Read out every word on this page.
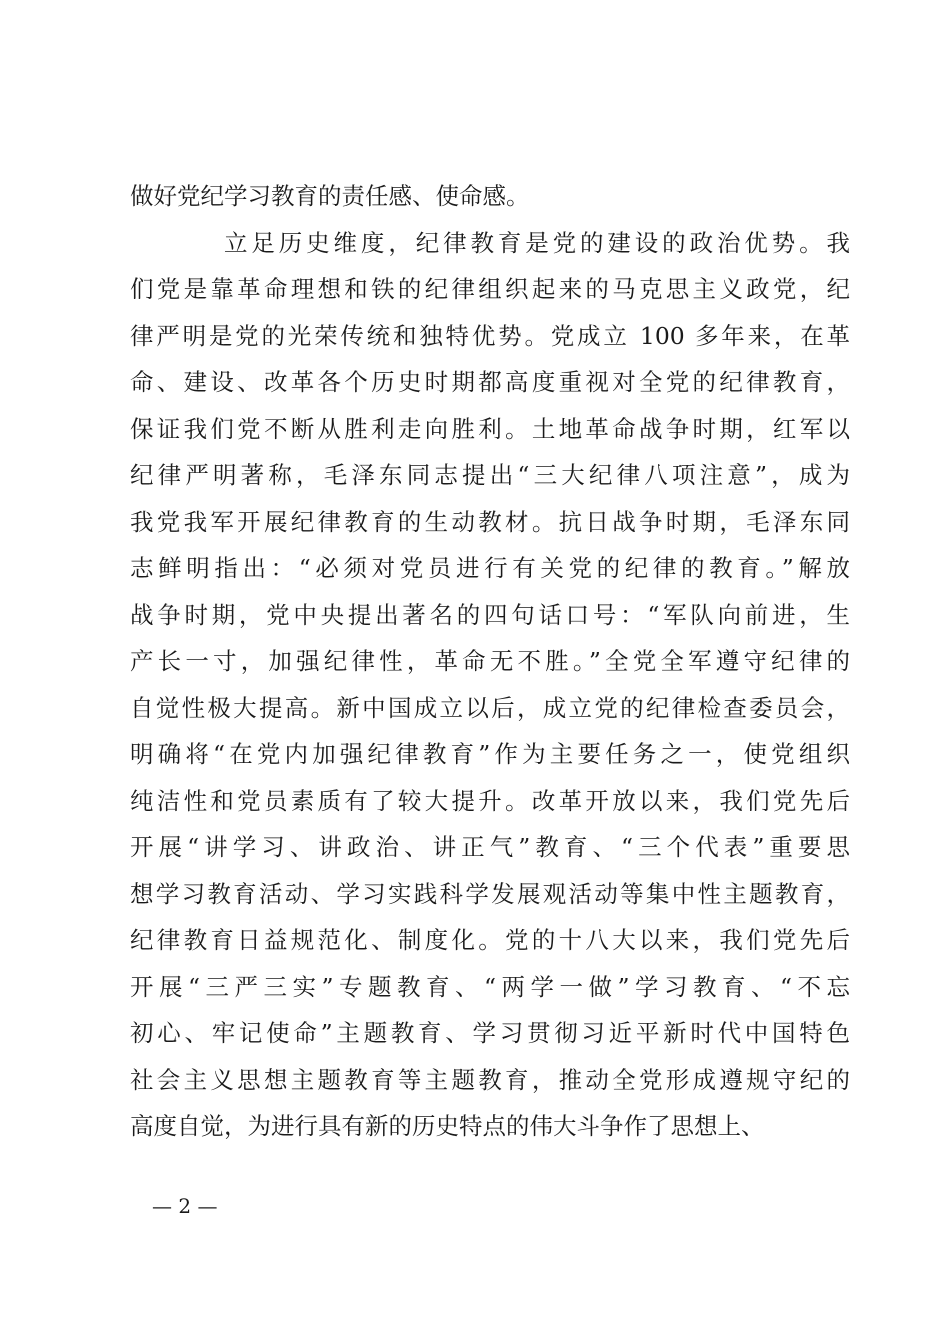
做好党纪学习教育的责任感、使命感。
立足历史维度，纪律教育是党的建设的政治优势。我
们党是靠革命理想和铁的纪律组织起来的马克思主义政党，纪
律严明是党的光荣传统和独特优势。党成立 100 多年来，在革
命、建设、改革各个历史时期都高度重视对全党的纪律教育，
保证我们党不断从胜利走向胜利。土地革命战争时期，红军以
纪律严明著称，毛泽东同志提出“三大纪律八项注意”，成为
我党我军开展纪律教育的生动教材。抗日战争时期，毛泽东同
志鲜明指出：“必须对党员进行有关党的纪律的教育。”解放
战争时期，党中央提出著名的四句话口号：“军队向前进，生
产长一寸，加强纪律性，革命无不胜。”全党全军遵守纪律的
自觉性极大提高。新中国成立以后，成立党的纪律检查委员会，
明确将“在党内加强纪律教育”作为主要任务之一，使党组织
纯洁性和党员素质有了较大提升。改革开放以来，我们党先后
开展“讲学习、讲政治、讲正气”教育、“三个代表”重要思
想学习教育活动、学习实践科学发展观活动等集中性主题教育，
纪律教育日益规范化、制度化。党的十八大以来，我们党先后
开展“三严三实”专题教育、“两学一做”学习教育、“不忘
初心、牢记使命”主题教育、学习贯彻习近平新时代中国特色
社会主义思想主题教育等主题教育，推动全党形成遵规守纪的
高度自觉，为进行具有新的历史特点的伟大斗争作了思想上、
— 2 —
